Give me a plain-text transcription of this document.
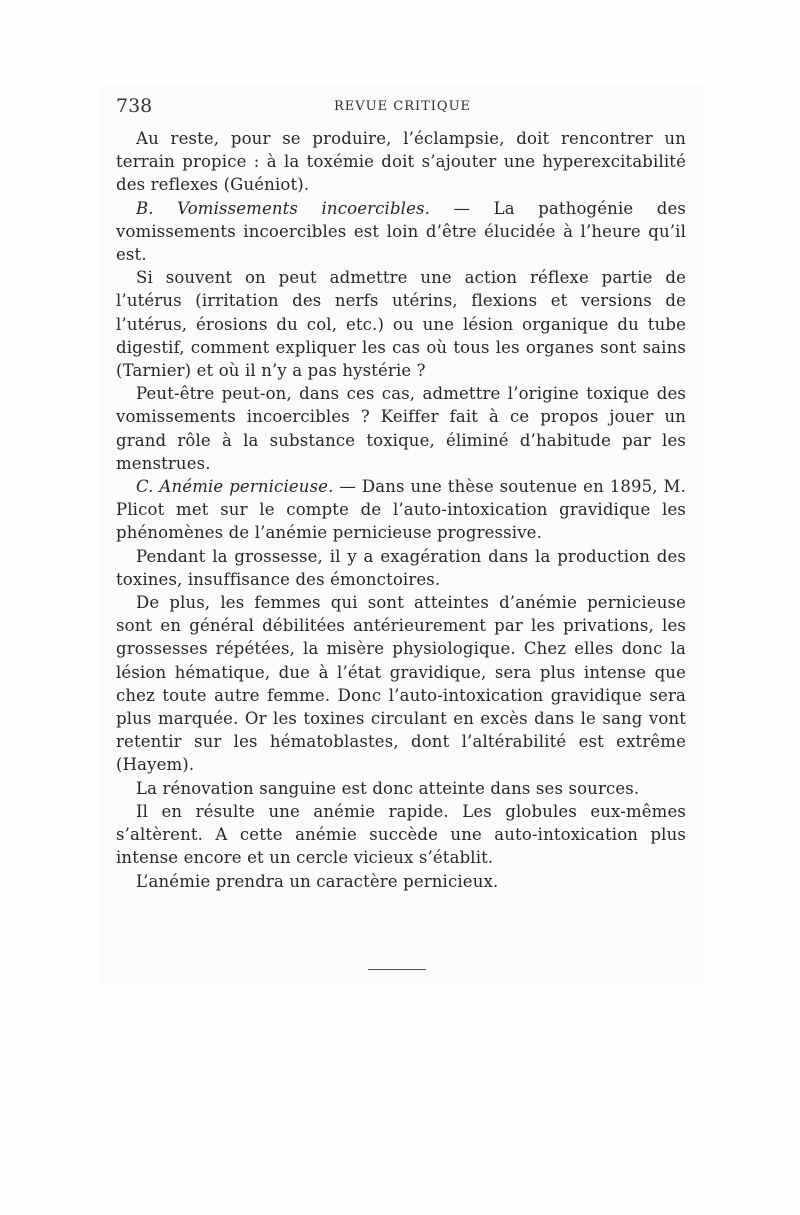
738	REVUE CRITIQUE

Au reste, pour se produire, l’éclampsie, doit rencontrer un terrain propice : à la toxémie doit s’ajouter une hyperexcitabilité des reflexes (Guéniot).

B. Vomissements incoercibles. — La pathogénie des vomissements incoercibles est loin d’être élucidée à l’heure qu’il est.

Si souvent on peut admettre une action réflexe partie de l’utérus (irritation des nerfs utérins, flexions et versions de l’utérus, érosions du col, etc.) ou une lésion organique du tube digestif, comment expliquer les cas où tous les organes sont sains (Tarnier) et où il n’y a pas hystérie ?

Peut-être peut-on, dans ces cas, admettre l’origine toxique des vomissements incoercibles ? Keiffer fait à ce propos jouer un grand rôle à la substance toxique, éliminé d’habitude par les menstrues.

C. Anémie pernicieuse. — Dans une thèse soutenue en 1895, M. Plicot met sur le compte de l’auto-intoxication gravidique les phénomènes de l’anémie pernicieuse progressive.

Pendant la grossesse, il y a exagération dans la production des toxines, insuffisance des émonctoires.

De plus, les femmes qui sont atteintes d’anémie pernicieuse sont en général débilitées antérieurement par les privations, les grossesses répétées, la misère physiologique. Chez elles donc la lésion hématique, due à l’état gravidique, sera plus intense que chez toute autre femme. Donc l’auto-intoxication gravidique sera plus marquée. Or les toxines circulant en excès dans le sang vont retentir sur les hématoblastes, dont l’altérabilité est extrême (Hayem).

La rénovation sanguine est donc atteinte dans ses sources.

Il en résulte une anémie rapide. Les globules eux-mêmes s’altèrent. A cette anémie succède une auto-intoxication plus intense encore et un cercle vicieux s’établit.

L’anémie prendra un caractère pernicieux.
